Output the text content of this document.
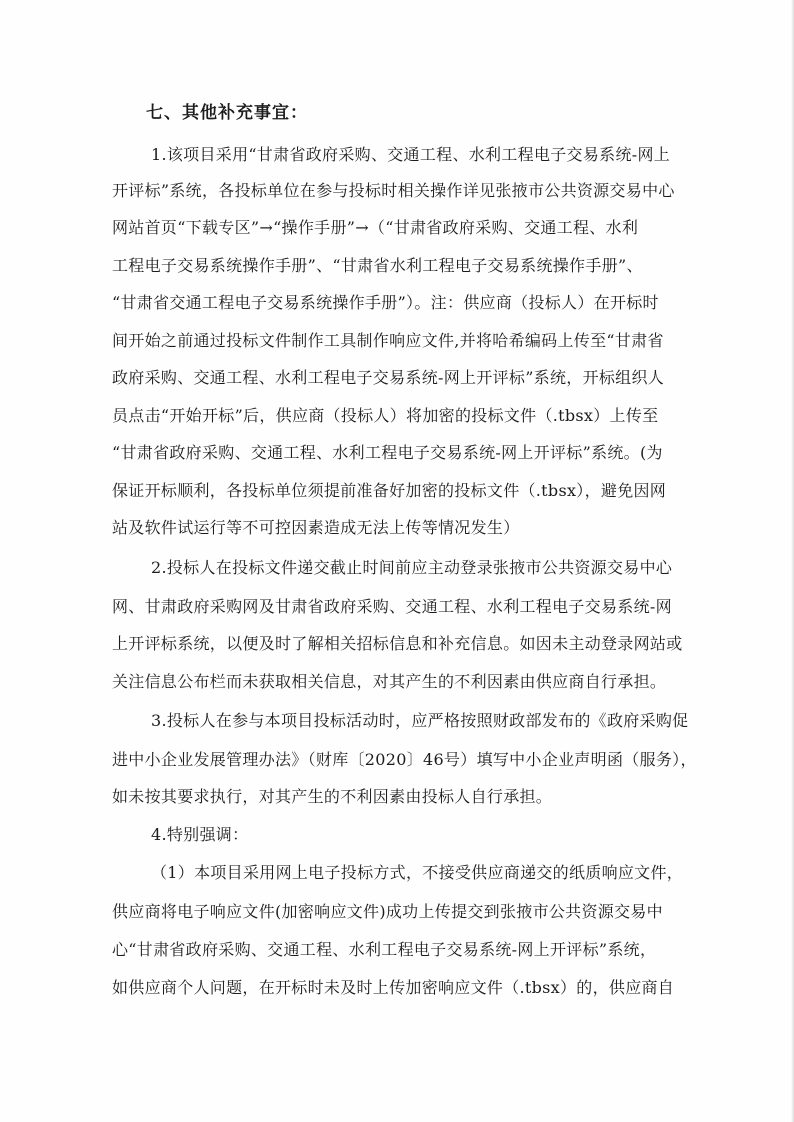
七、其他补充事宜：
1.该项目采用“甘肃省政府采购、交通工程、水利工程电子交易系统-网上
开评标”系统，各投标单位在参与投标时相关操作详见张掖市公共资源交易中心
网站首页“下载专区”→“操作手册”→（“甘肃省政府采购、交通工程、水利
工程电子交易系统操作手册”、“甘肃省水利工程电子交易系统操作手册”、
“甘肃省交通工程电子交易系统操作手册”）。注：供应商（投标人）在开标时
间开始之前通过投标文件制作工具制作响应文件,并将哈希编码上传至“甘肃省
政府采购、交通工程、水利工程电子交易系统-网上开评标”系统，开标组织人
员点击“开始开标”后，供应商（投标人）将加密的投标文件（.tbsx）上传至
“甘肃省政府采购、交通工程、水利工程电子交易系统-网上开评标”系统。(为
保证开标顺利，各投标单位须提前准备好加密的投标文件（.tbsx），避免因网
站及软件试运行等不可控因素造成无法上传等情况发生）
2.投标人在投标文件递交截止时间前应主动登录张掖市公共资源交易中心
网、甘肃政府采购网及甘肃省政府采购、交通工程、水利工程电子交易系统-网
上开评标系统，以便及时了解相关招标信息和补充信息。如因未主动登录网站或
关注信息公布栏而未获取相关信息，对其产生的不利因素由供应商自行承担。
3.投标人在参与本项目投标活动时，应严格按照财政部发布的《政府采购促
进中小企业发展管理办法》（财库〔2020〕46号）填写中小企业声明函（服务），
如未按其要求执行，对其产生的不利因素由投标人自行承担。
4.特别强调：
（1）本项目采用网上电子投标方式，不接受供应商递交的纸质响应文件，
供应商将电子响应文件(加密响应文件)成功上传提交到张掖市公共资源交易中
心“甘肃省政府采购、交通工程、水利工程电子交易系统-网上开评标”系统，
如供应商个人问题，在开标时未及时上传加密响应文件（.tbsx）的，供应商自
